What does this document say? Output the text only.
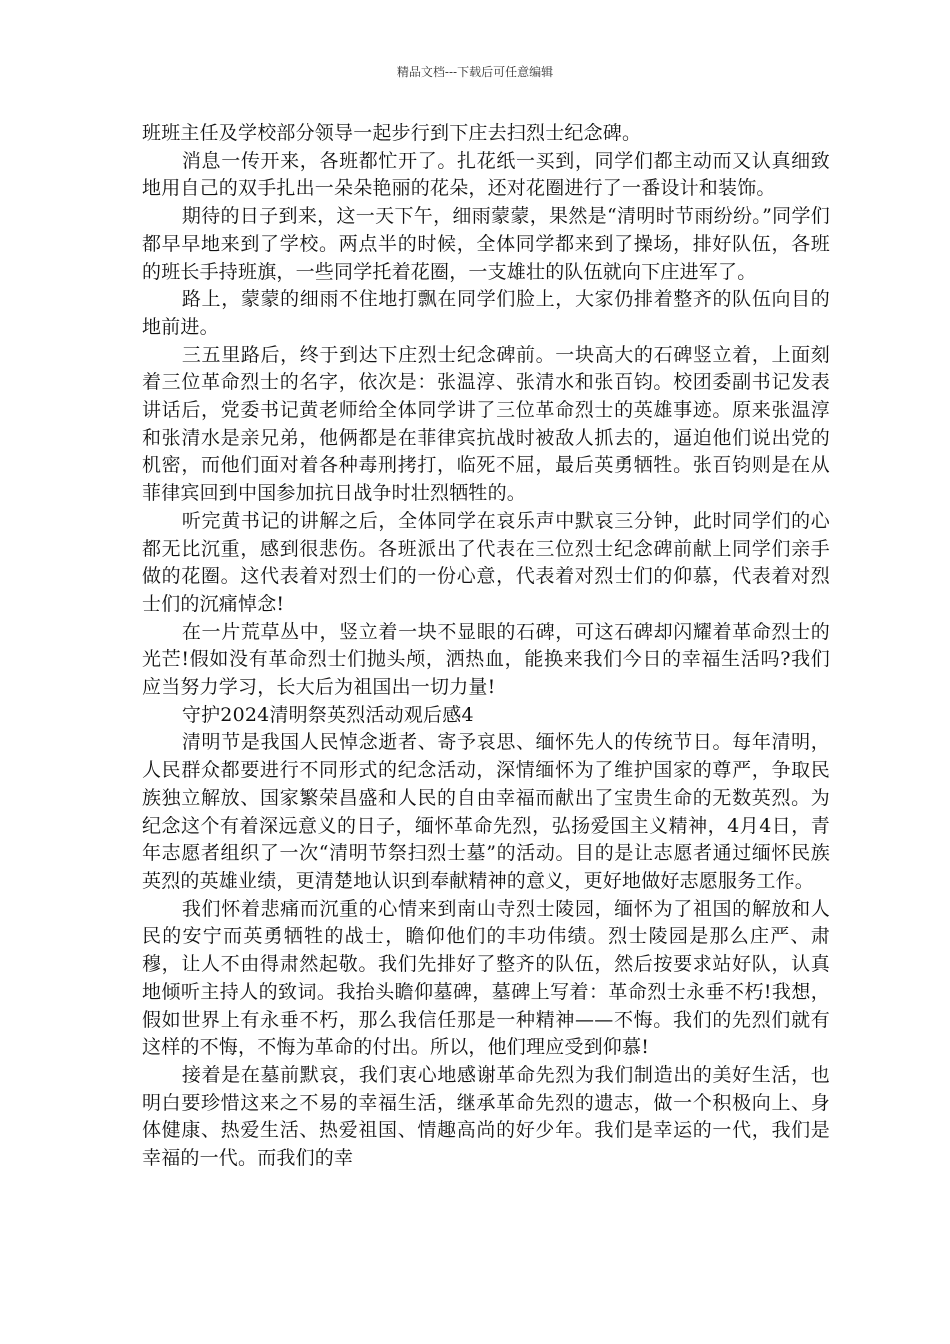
精品文档---下载后可任意编辑

班班主任及学校部分领导一起步行到下庄去扫烈士纪念碑。

消息一传开来，各班都忙开了。扎花纸一买到，同学们都主动而又认真细致地用自己的双手扎出一朵朵艳丽的花朵，还对花圈进行了一番设计和装饰。

期待的日子到来，这一天下午，细雨蒙蒙，果然是“清明时节雨纷纷。”同学们都早早地来到了学校。两点半的时候，全体同学都来到了操场，排好队伍，各班的班长手持班旗，一些同学托着花圈，一支雄壮的队伍就向下庄进军了。

路上，蒙蒙的细雨不住地打飘在同学们脸上，大家仍排着整齐的队伍向目的地前进。

三五里路后，终于到达下庄烈士纪念碑前。一块高大的石碑竖立着，上面刻着三位革命烈士的名字，依次是：张温淳、张清水和张百钧。校团委副书记发表讲话后，党委书记黄老师给全体同学讲了三位革命烈士的英雄事迹。原来张温淳和张清水是亲兄弟，他俩都是在菲律宾抗战时被敌人抓去的，逼迫他们说出党的机密，而他们面对着各种毒刑拷打，临死不屈，最后英勇牺牲。张百钧则是在从菲律宾回到中国参加抗日战争时壮烈牺牲的。

听完黄书记的讲解之后，全体同学在哀乐声中默哀三分钟，此时同学们的心都无比沉重，感到很悲伤。各班派出了代表在三位烈士纪念碑前献上同学们亲手做的花圈。这代表着对烈士们的一份心意，代表着对烈士们的仰慕，代表着对烈士们的沉痛悼念!

在一片荒草丛中，竖立着一块不显眼的石碑，可这石碑却闪耀着革命烈士的光芒!假如没有革命烈士们抛头颅，洒热血，能换来我们今日的幸福生活吗?我们应当努力学习，长大后为祖国出一切力量!

守护2024清明祭英烈活动观后感4

清明节是我国人民悼念逝者、寄予哀思、缅怀先人的传统节日。每年清明，人民群众都要进行不同形式的纪念活动，深情缅怀为了维护国家的尊严，争取民族独立解放、国家繁荣昌盛和人民的自由幸福而献出了宝贵生命的无数英烈。为纪念这个有着深远意义的日子，缅怀革命先烈，弘扬爱国主义精神，4月4日，青年志愿者组织了一次“清明节祭扫烈士墓”的活动。目的是让志愿者通过缅怀民族英烈的英雄业绩，更清楚地认识到奉献精神的意义，更好地做好志愿服务工作。

我们怀着悲痛而沉重的心情来到南山寺烈士陵园，缅怀为了祖国的解放和人民的安宁而英勇牺牲的战士，瞻仰他们的丰功伟绩。烈士陵园是那么庄严、肃穆，让人不由得肃然起敬。我们先排好了整齐的队伍，然后按要求站好队，认真地倾听主持人的致词。我抬头瞻仰墓碑，墓碑上写着：革命烈士永垂不朽!我想，假如世界上有永垂不朽，那么我信任那是一种精神——不悔。我们的先烈们就有这样的不悔，不悔为革命的付出。所以，他们理应受到仰慕!

接着是在墓前默哀，我们衷心地感谢革命先烈为我们制造出的美好生活，也明白要珍惜这来之不易的幸福生活，继承革命先烈的遗志，做一个积极向上、身体健康、热爱生活、热爱祖国、情趣高尚的好少年。我们是幸运的一代，我们是幸福的一代。而我们的幸
